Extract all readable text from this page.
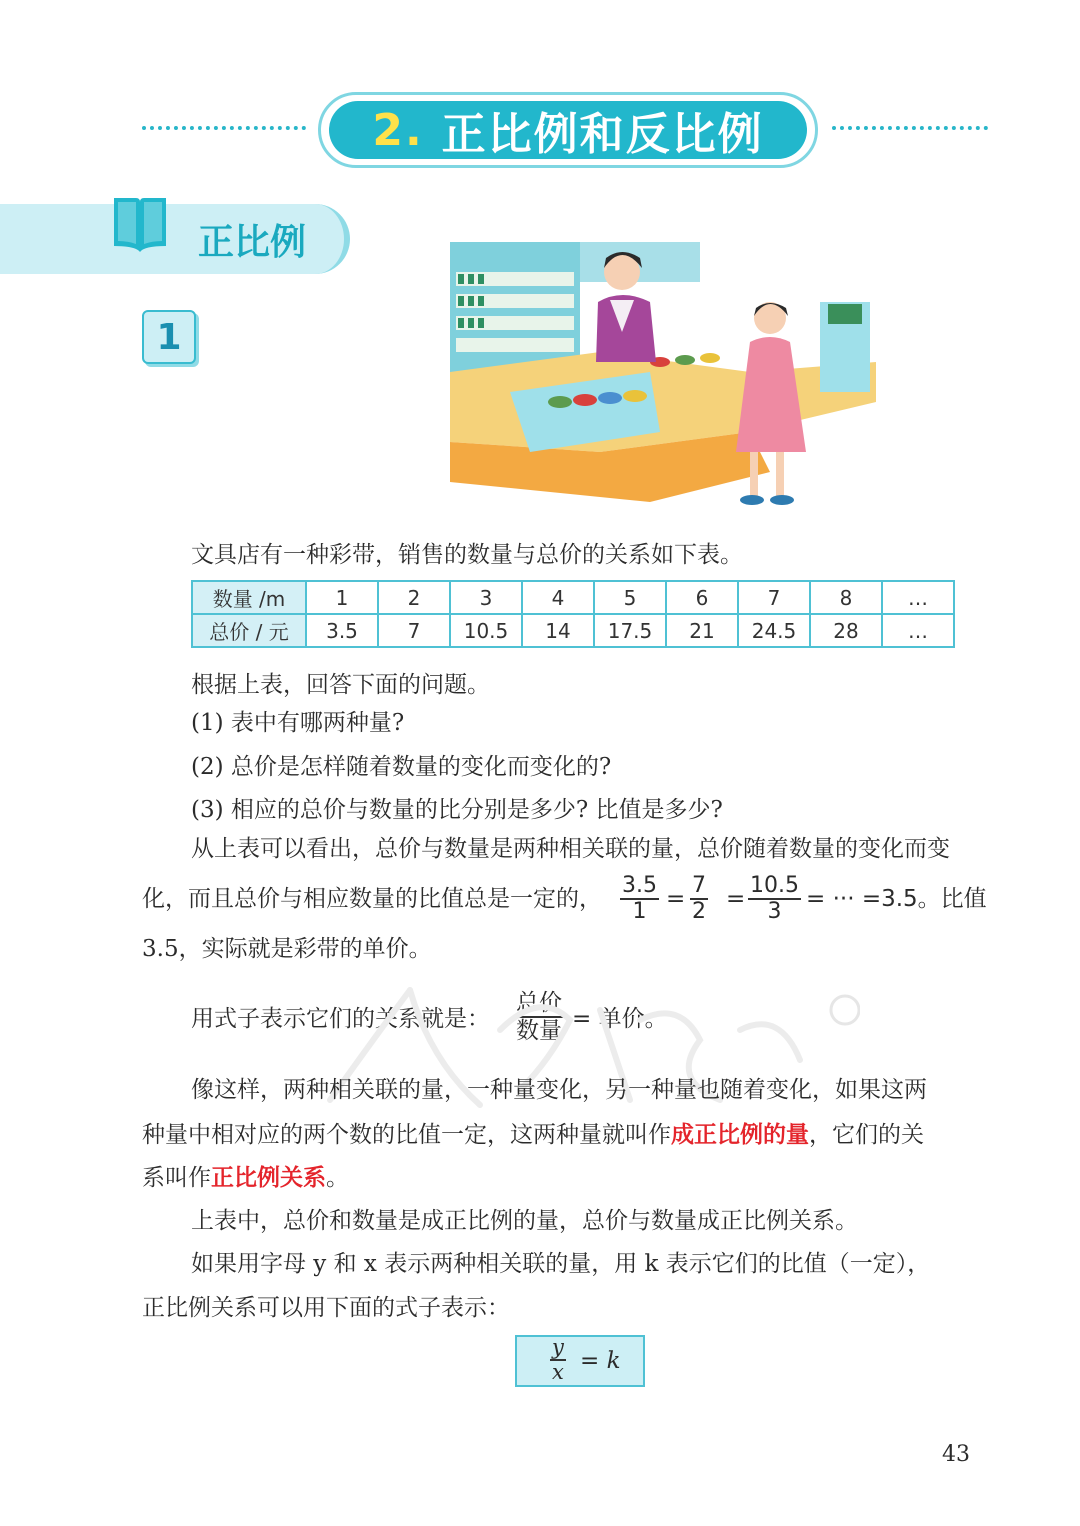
2. 正比例和反比例
正比例
1
文具店有一种彩带，销售的数量与总价的关系如下表。
数量 /m	1	2	3	4	5	6	7	8	…
总价 / 元	3.5	7	10.5	14	17.5	21	24.5	28	…
根据上表，回答下面的问题。
(1) 表中有哪两种量?
(2) 总价是怎样随着数量的变化而变化的?
(3) 相应的总价与数量的比分别是多少? 比值是多少?
从上表可以看出，总价与数量是两种相关联的量，总价随着数量的变化而变
化，而且总价与相应数量的比值总是一定的，
3.5
1 =
7
2 =
10.5
3 = ··· =3.5。比值
3.5，实际就是彩带的单价。
用式子表示它们的关系就是：
总价
数量 = 单价。
像这样，两种相关联的量，一种量变化，另一种量也随着变化，如果这两
种量中相对应的两个数的比值一定，这两种量就叫作成正比例的量，它们的关
系叫作正比例关系。
上表中，总价和数量是成正比例的量，总价与数量成正比例关系。
如果用字母 y 和 x 表示两种相关联的量，用 k 表示它们的比值（一定），
正比例关系可以用下面的式子表示：
y
x = k
43
